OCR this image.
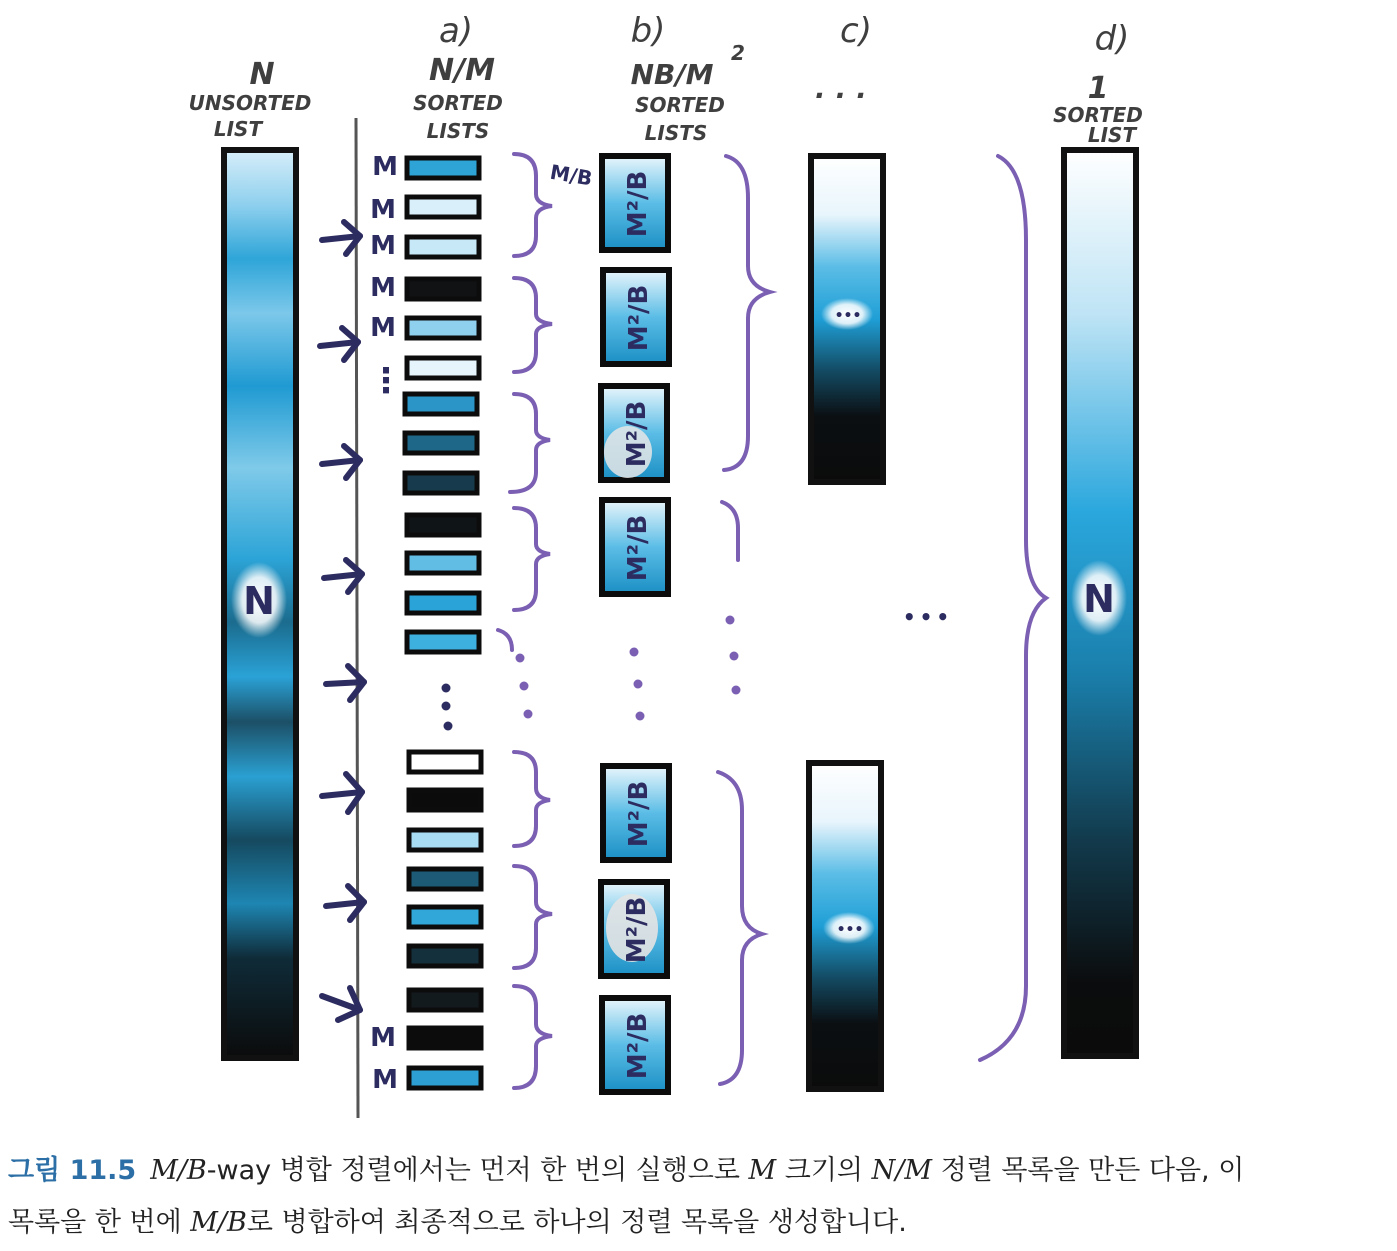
N
UNSORTED
LIST
a)
N/M
SORTED
LISTS
b)
NB/M
2
SORTED
LISTS
c)
...
d)
1
SORTED
LIST
N
M
M
M
M
M
⋮
M
M
M/B M²/B
M²/B
M²/B
M²/B
M²/B
M²/B
M²/B
•••
•••
•••	N
그림 11.5 M/B-way 병합 정렬에서는 먼저 한 번의 실행으로 M 크기의 N/M 정렬 목록을 만든 다음, 이
목록을 한 번에 M/B로 병합하여 최종적으로 하나의 정렬 목록을 생성합니다.
